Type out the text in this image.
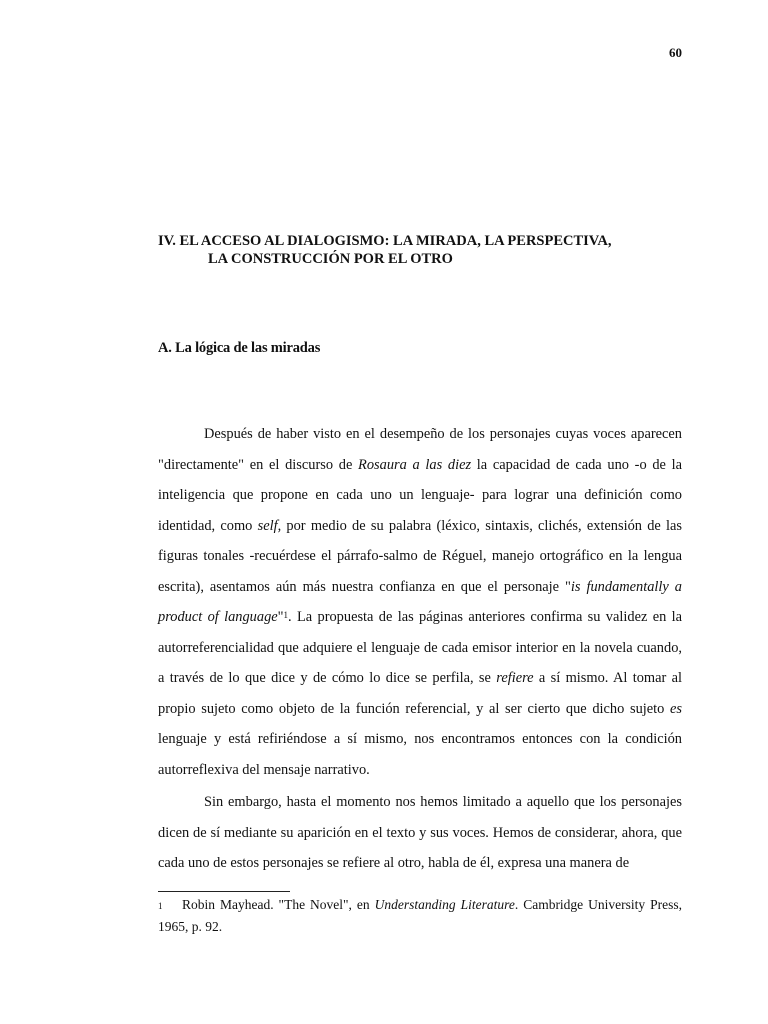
60
IV. EL ACCESO AL DIALOGISMO: LA MIRADA, LA PERSPECTIVA,
LA CONSTRUCCIÓN POR EL OTRO
A. La lógica de las miradas

Después de haber visto en el desempeño de los personajes cuyas voces aparecen "directamente" en el discurso de Rosaura a las diez la capacidad de cada uno -o de la inteligencia que propone en cada uno un lenguaje- para lograr una definición como identidad, como self, por medio de su palabra (léxico, sintaxis, clichés, extensión de las figuras tonales -recuérdese el párrafo-salmo de Réguel, manejo ortográfico en la lengua escrita), asentamos aún más nuestra confianza en que el personaje "is fundamentally a product of language"$^1$. La propuesta de las páginas anteriores confirma su validez en la autorreferencialidad que adquiere el lenguaje de cada emisor interior en la novela cuando, a través de lo que dice y de cómo lo dice se perfila, se refiere a sí mismo. Al tomar al propio sujeto como objeto de la función referencial, y al ser cierto que dicho sujeto es lenguaje y está refiriéndose a sí mismo, nos encontramos entonces con la condición autorreflexiva del mensaje narrativo.

Sin embargo, hasta el momento nos hemos limitado a aquello que los personajes dicen de sí mediante su aparición en el texto y sus voces. Hemos de considerar, ahora, que cada uno de estos personajes se refiere al otro, habla de él, expresa una manera de

1 Robin Mayhead. "The Novel", en Understanding Literature. Cambridge University Press, 1965, p. 92.
